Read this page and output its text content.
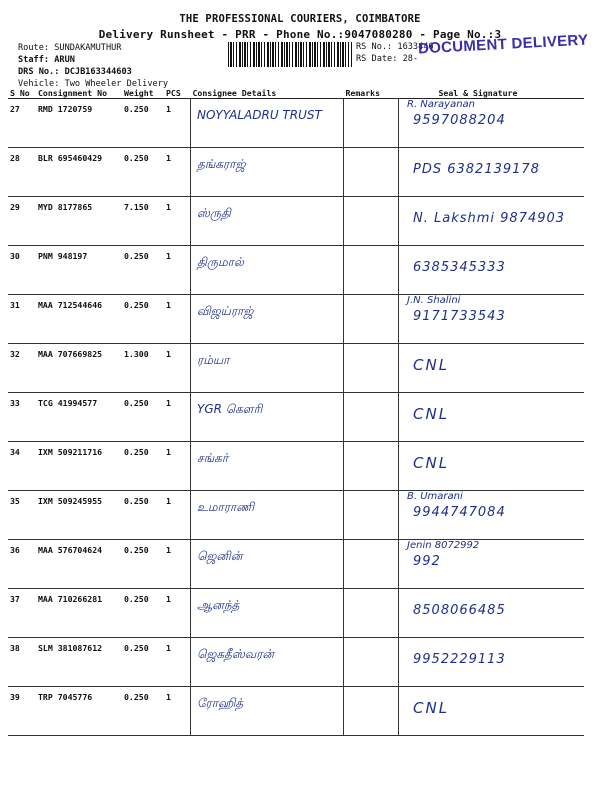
THE PROFESSIONAL COURIERS, COIMBATORE
Delivery Runsheet - PRR - Phone No.:9047080280 - Page No.:3
Route: SUNDAKAMUTHUR
Staff: ARUN
DRS No.: DCJB163344603
Vehicle: Two Wheeler Delivery
RS No.: 1633446
RS Date: 28-
DOCUMENT DELIVERY
S No	Consignment No	Weight	PCS	Consignee Details	Remarks	Seal & Signature
27	RMD 1720759	0.250	1	NOYYALADRU TRUST		R. Narayanan
9597088204

28	BLR 695460429	0.250	1	தங்கராஜ்		PDS 6382139178

29	MYD 8177865	7.150	1	ஸ்ருதி		N. Lakshmi 9874903

30	PNM 948197	0.250	1	திருமால்		6385345333

31	MAA 712544646	0.250	1	விஜய்ராஜ்		J.N. Shalini
9171733543

32	MAA 707669825	1.300	1	ரம்யா		CNL

33	TCG 41994577	0.250	1	YGR கௌரி		CNL

34	IXM 509211716	0.250	1	சங்கர்		CNL

35	IXM 509245955	0.250	1	உமாராணி		B. Umarani
9944747084

36	MAA 576704624	0.250	1	ஜெனின்		Jenin 8072992
992

37	MAA 710266281	0.250	1	ஆனந்த்		8508066485

38	SLM 381087612	0.250	1	ஜெகதீஸ்வரன்		9952229113

39	TRP 7045776	0.250	1	ரோஹித்		CNL
